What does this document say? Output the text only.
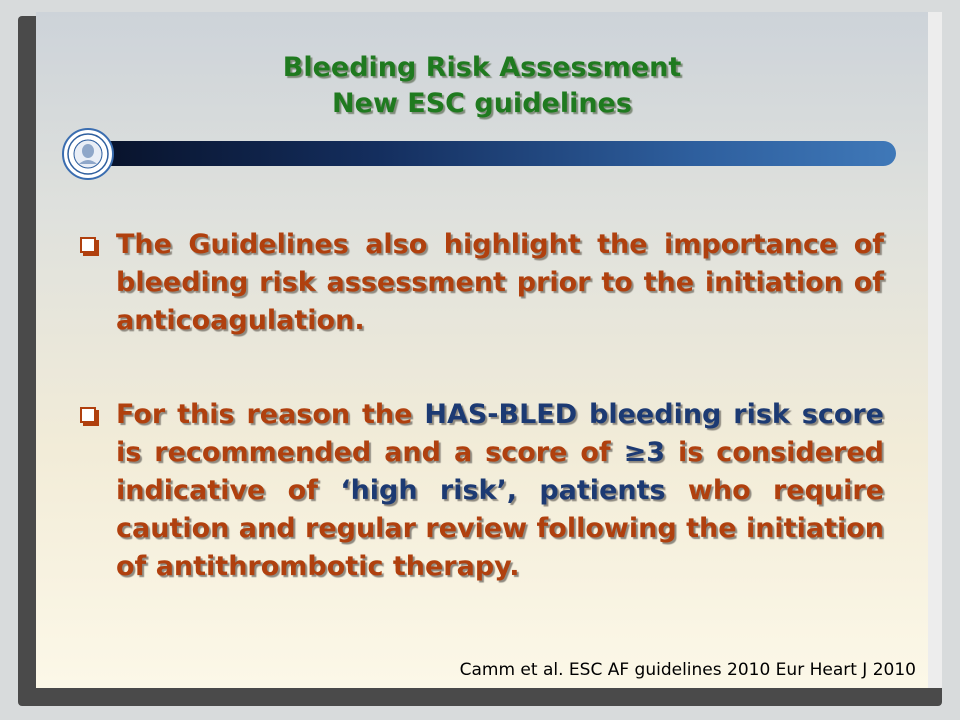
Bleeding Risk Assessment
New ESC guidelines
The Guidelines also highlight the importance of bleeding risk assessment prior to the initiation of anticoagulation.
For this reason the HAS-BLED bleeding risk score is recommended and a score of ≥3 is considered indicative of ‘high risk’, patients who require caution and regular review following the initiation of antithrombotic therapy.
Camm et al. ESC AF guidelines 2010 Eur Heart J 2010
